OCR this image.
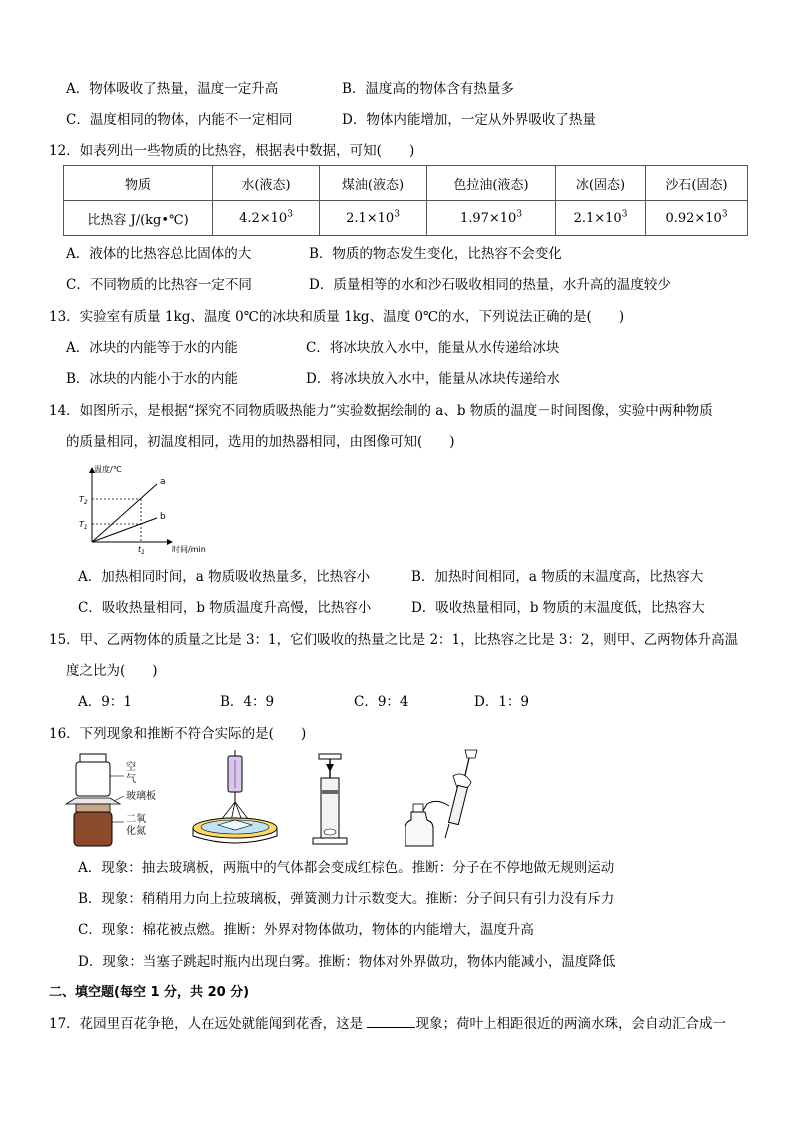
A．物体吸收了热量，温度一定升高	B．温度高的物体含有热量多
C．温度相同的物体，内能不一定相同	D．物体内能增加，一定从外界吸收了热量
12．如表列出一些物质的比热容，根据表中数据，可知(　　)
物质	水(液态)	煤油(液态)	色拉油(液态)	冰(固态)	沙石(固态)
比热容 J/(kg•℃)	$4.2\times 10^3$	$2.1\times 10^3$	$1.97\times 10^3$	$2.1\times 10^3$	$0.92\times 10^3$
A．液体的比热容总比固体的大	B．物质的物态发生变化，比热容不会变化
C．不同物质的比热容一定不同	D．质量相等的水和沙石吸收相同的热量，水升高的温度较少
13．实验室有质量 1kg、温度 0℃的冰块和质量 1kg、温度 0℃的水，下列说法正确的是(　　)
A．冰块的内能等于水的内能	C．将冰块放入水中，能量从水传递给冰块
B．冰块的内能小于水的内能	D．将冰块放入水中，能量从冰块传递给水
14．如图所示，是根据“探究不同物质吸热能力”实验数据绘制的 a、b 物质的温度－时间图像，实验中两种物质
的质量相同，初温度相同，选用的加热器相同，由图像可知(　　)
温度/℃
时间/min
$T_2$
$T_1$
$t_1$
a
b
A．加热相同时间，a 物质吸收热量多，比热容小	B．加热时间相同，a 物质的末温度高，比热容大
C．吸收热量相同，b 物质温度升高慢，比热容小	D．吸收热量相同，b 物质的末温度低，比热容大
15．甲、乙两物体的质量之比是 3：1，它们吸收的热量之比是 2：1，比热容之比是 3：2，则甲、乙两物体升高温
度之比为(　　)
A．9：1	B．4：9	C．9：4	D．1：9
16．下列现象和推断不符合实际的是(　　)
空
气
玻璃板
二氧
化氮
A．现象：抽去玻璃板，两瓶中的气体都会变成红棕色。推断：分子在不停地做无规则运动
B．现象：稍稍用力向上拉玻璃板，弹簧测力计示数变大。推断：分子间只有引力没有斥力
C．现象：棉花被点燃。推断：外界对物体做功，物体的内能增大，温度升高
D．现象：当塞子跳起时瓶内出现白雾。推断：物体对外界做功，物体内能减小，温度降低
二、填空题(每空 1 分，共 20 分)
17．花园里百花争艳，人在远处就能闻到花香，这是	现象；荷叶上相距很近的两滴水珠，会自动汇合成一
